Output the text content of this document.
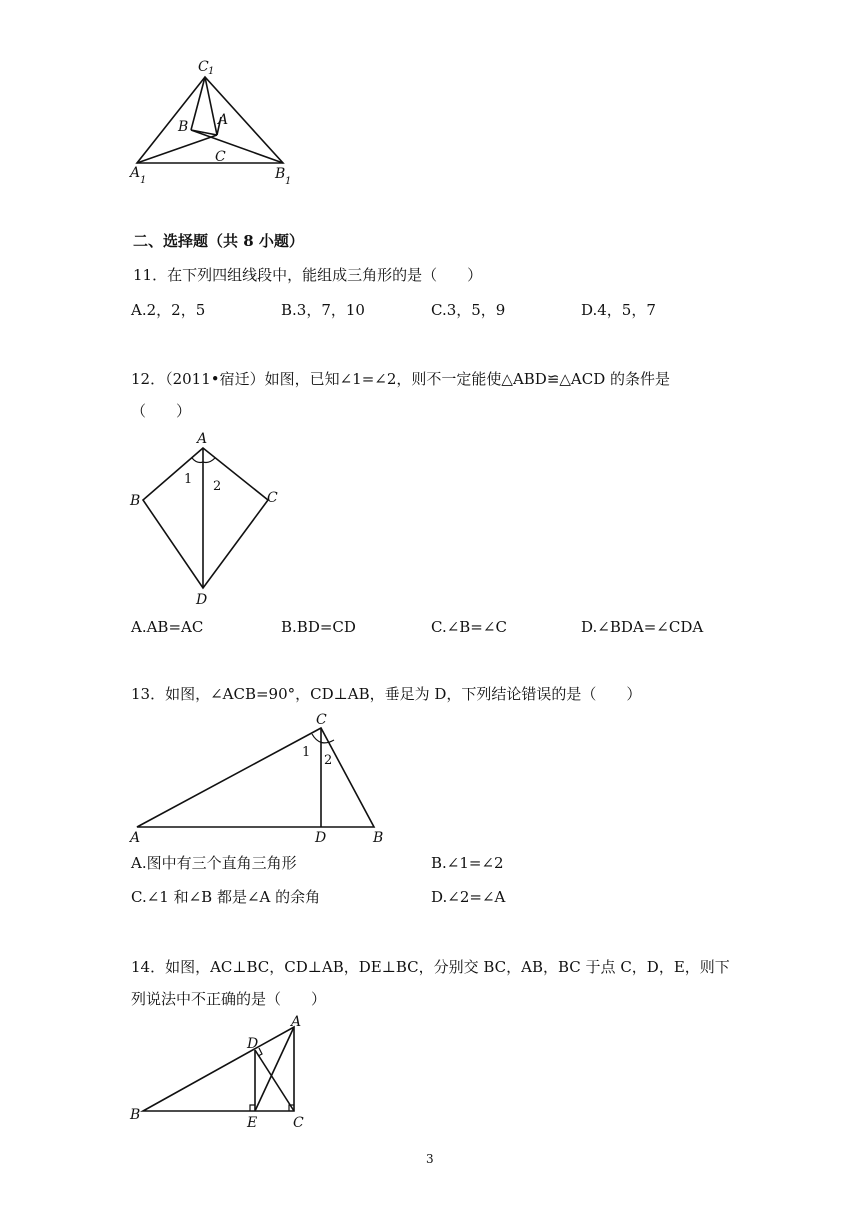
C 1
B A
C
A 1	B 1
二、选择题（共 8 小题）
11．在下列四组线段中，能组成三角形的是（　　）
A.2，2，5	B.3，7，10	C.3，5，9	D.4，5，7
12．（2011•宿迁）如图，已知∠1=∠2，则不一定能使△ABD≌△ACD 的条件是
（　　）
A
1 2
B	C
D
A.AB=AC	B.BD=CD	C.∠B=∠C	D.∠BDA=∠CDA
13．如图，∠ACB=90°，CD⊥AB，垂足为 D，下列结论错误的是（　　）
C
1
2
A	D	B
A.图中有三个直角三角形	B.∠1=∠2
C.∠1 和∠B 都是∠A 的余角	D.∠2=∠A
14．如图，AC⊥BC，CD⊥AB，DE⊥BC，分别交 BC，AB，BC 于点 C，D，E，则下
列说法中不正确的是（　　）
A
D
B	E	C
3
